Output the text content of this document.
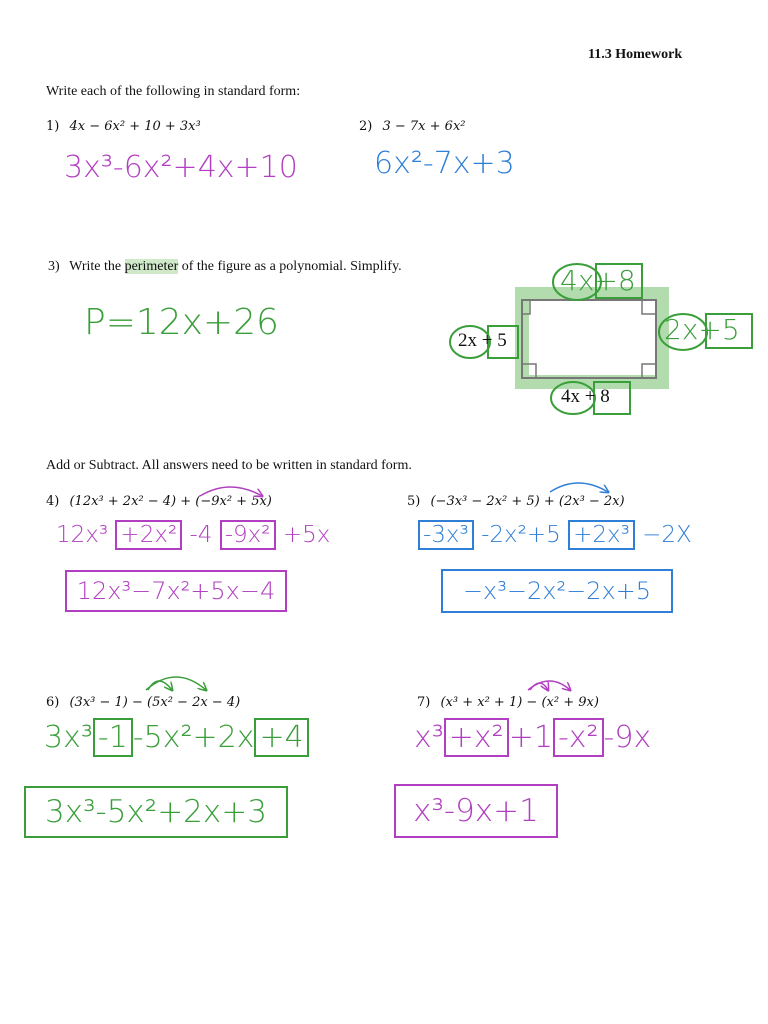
11.3 Homework
Write each of the following in standard form:
1) 4x − 6x² + 10 + 3x³
3x³-6x²+4x+10
2) 3 − 7x + 6x²
6x²-7x+3
3) Write the perimeter of the figure as a polynomial. Simplify.
P=12x+26	2x + 5
4x + 8
4x+8
2x+5
Add or Subtract. All answers need to be written in standard form.
4) (12x³ + 2x² − 4) + (−9x² + 5x)
12x³ +2x² -4 -9x² +5x
12x³−7x²+5x−4
5) (−3x³ − 2x² + 5) + (2x³ − 2x)
-3x³ -2x²+5 +2x³ −2X
−x³−2x²−2x+5
6) (3x³ − 1) − (5x² − 2x − 4)
3x³ -1 -5x²+2x +4
3x³-5x²+2x+3
7) (x³ + x² + 1) − (x² + 9x)
x³ +x² +1 -x² -9x
x³-9x+1
